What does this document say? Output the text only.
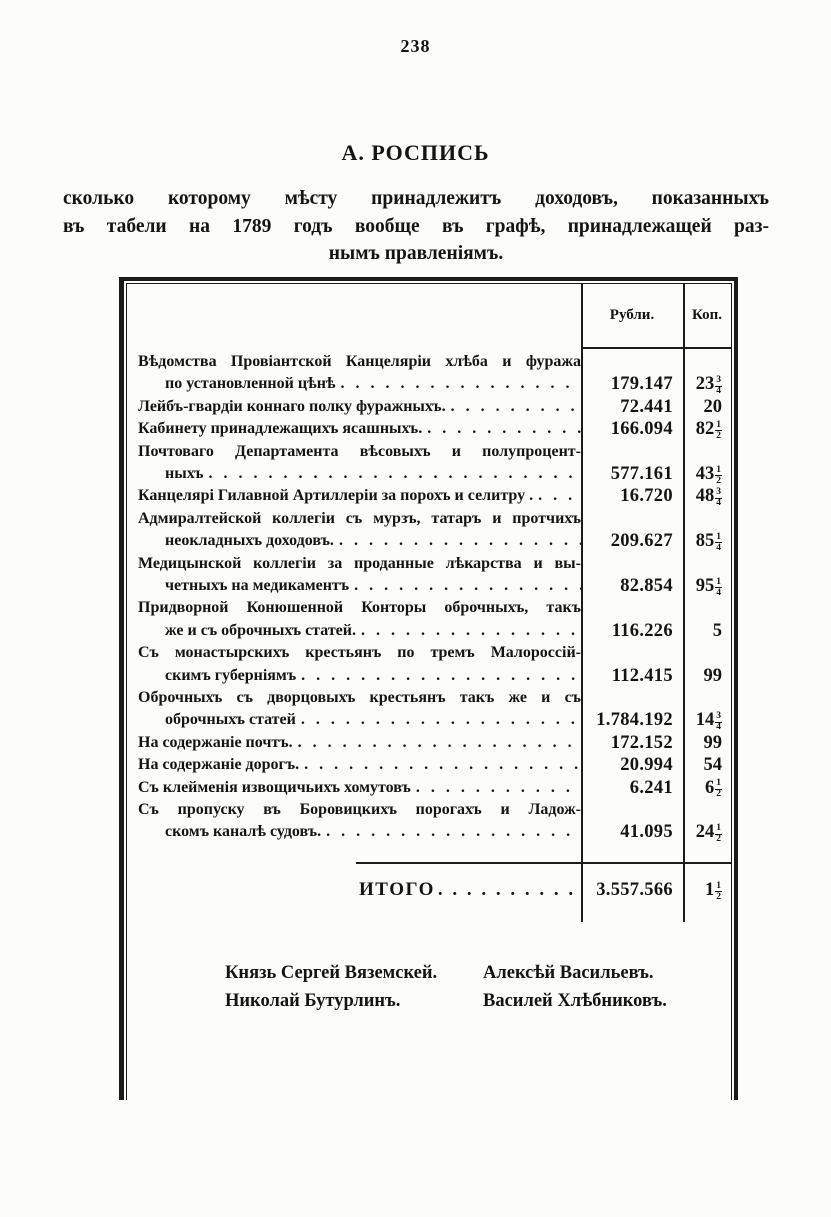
238
А. РОСПИСЬ
сколько которому мѣсту принадлежитъ доходовъ, показанныхъ
въ табели на 1789 годъ вообще въ графѣ, принадлежащей раз-
нымъ правленіямъ.
Рубли.	Коп.
Вѣдомства Провіантской Канцеляріи хлѣба и фуража
по установленной цѣнѣ . . .	179.147	$23 \frac{3}{4}$
Лейбъ-гвардіи коннаго полку фуражныхъ. . . .	72.441	20
Кабинету принадлежащихъ ясашныхъ. . . .	166.094	$82 \frac{1}{2}$
Почтоваго Департамента вѣсовыхъ и полупроцент-
ныхъ . . .	577.161	$43 \frac{1}{2}$
Канцелярі Гилавной Артиллеріи за порохъ и селитру . . . .	16.720	$48 \frac{3}{4}$
Адмиралтейской коллегіи съ мурзъ, татаръ и протчихъ
неокладныхъ доходовъ. . . .	209.627	$85 \frac{1}{4}$
Медицынской коллегіи за проданные лѣкарства и вы-
четныхъ на медикаментъ . . .	82.854	$95 \frac{1}{4}$
Придворной Конюшенной Конторы оброчныхъ, такъ
же и съ оброчныхъ статей. . . .	116.226	5
Съ монастырскихъ крестьянъ по тремъ Малороссій-
скимъ губерніямъ . . .	112.415	99
Оброчныхъ съ дворцовыхъ крестьянъ такъ же и съ
оброчныхъ статей . . .	1.784.192	$14 \frac{3}{4}$
На содержаніе почтъ. . . .	172.152	99
На содержаніе дорогъ. . . .	20.994	54
Съ клейменія извощичьихъ хомутовъ . . .	6.241	$6 \frac{1}{2}$
Съ пропуску въ Боровицкихъ порогахъ и Ладож-
скомъ каналѣ судовъ. . . .	41.095	$24 \frac{1}{2}$
ИТОГО . . .	3.557.566	$1 \frac{1}{2}$
Князь Сергей Вяземскей.
Николай Бутурлинъ.
Алексѣй Васильевъ.
Василей Хлѣбниковъ.
